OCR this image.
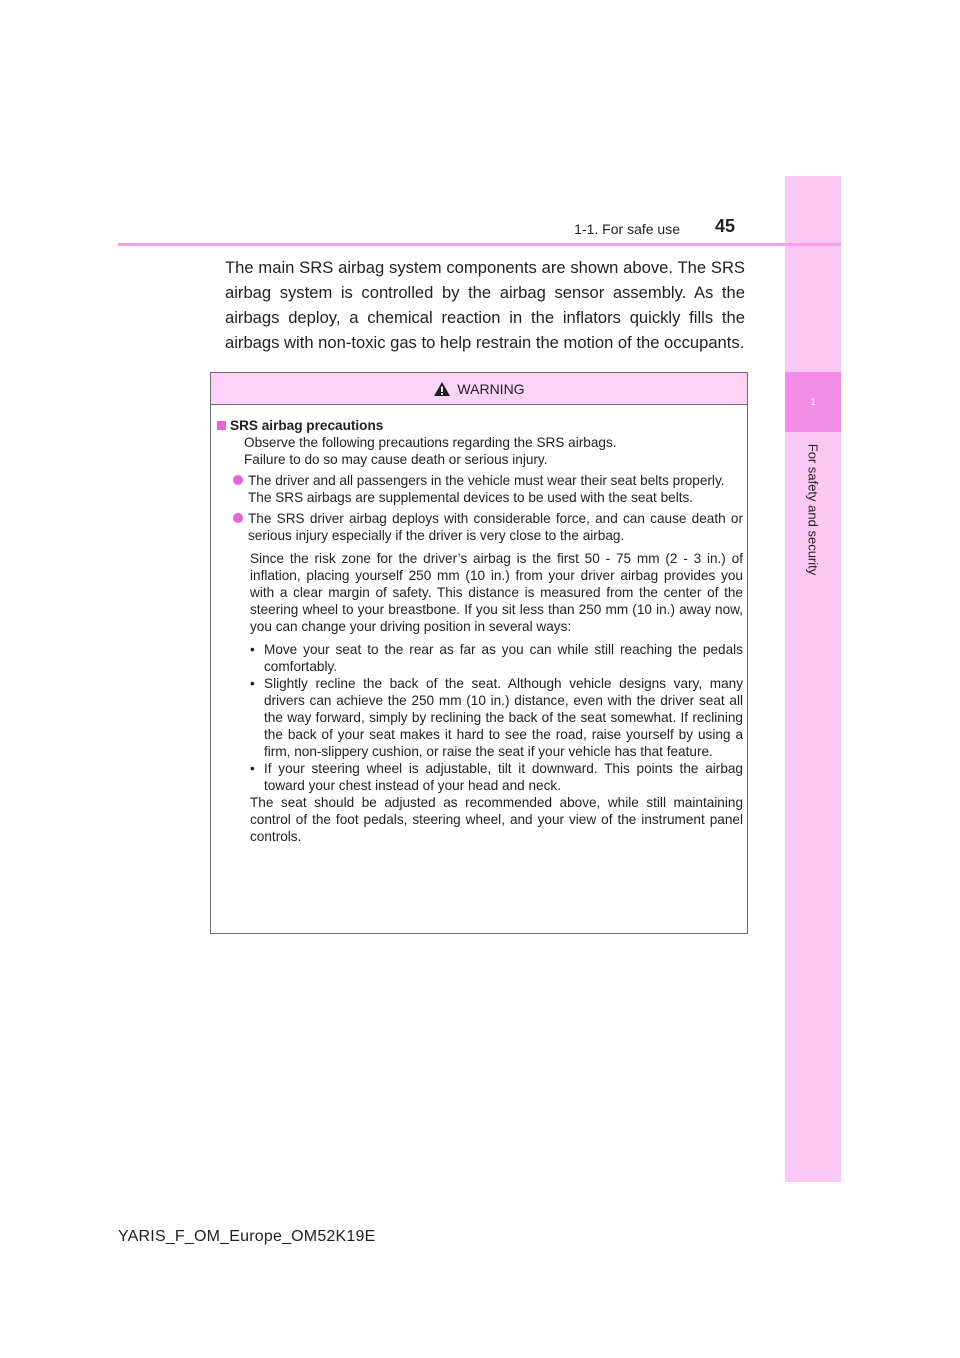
1
For safety and security
1-1. For safe use 45
The main SRS airbag system components are shown above. The SRS airbag system is controlled by the airbag sensor assembly. As the airbags deploy, a chemical reaction in the inflators quickly fills the airbags with non-toxic gas to help restrain the motion of the occupants.
WARNING
SRS airbag precautions
Observe the following precautions regarding the SRS airbags.
Failure to do so may cause death or serious injury.
The driver and all passengers in the vehicle must wear their seat belts properly.
The SRS airbags are supplemental devices to be used with the seat belts.
The SRS driver airbag deploys with considerable force, and can cause death or serious injury especially if the driver is very close to the airbag.
Since the risk zone for the driver’s airbag is the first 50 - 75 mm (2 - 3 in.) of inflation, placing yourself 250 mm (10 in.) from your driver airbag provides you with a clear margin of safety. This distance is measured from the center of the steering wheel to your breastbone. If you sit less than 250 mm (10 in.) away now, you can change your driving position in several ways:
• Move your seat to the rear as far as you can while still reaching the pedals comfortably.
• Slightly recline the back of the seat. Although vehicle designs vary, many drivers can achieve the 250 mm (10 in.) distance, even with the driver seat all the way forward, simply by reclining the back of the seat somewhat. If reclining the back of your seat makes it hard to see the road, raise yourself by using a firm, non-slippery cushion, or raise the seat if your vehicle has that feature.
• If your steering wheel is adjustable, tilt it downward. This points the airbag toward your chest instead of your head and neck.
The seat should be adjusted as recommended above, while still maintaining control of the foot pedals, steering wheel, and your view of the instrument panel controls.
YARIS_F_OM_Europe_OM52K19E
